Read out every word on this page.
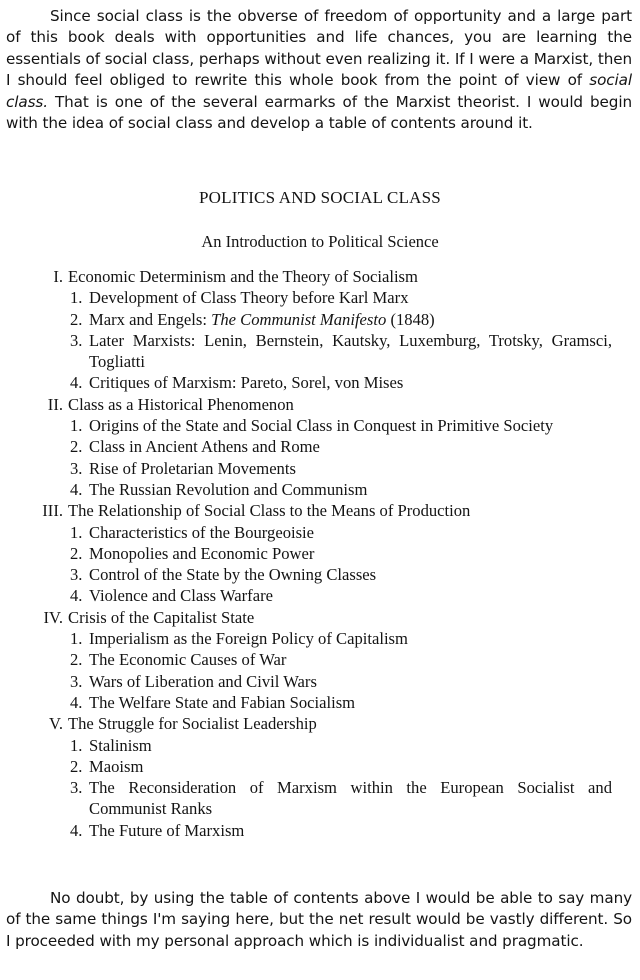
Since social class is the obverse of freedom of opportunity and a large part of this book deals with opportunities and life chances, you are learning the essentials of social class, perhaps without even realizing it. If I were a Marxist, then I should feel obliged to rewrite this whole book from the point of view of social class. That is one of the several earmarks of the Marxist theorist. I would begin with the idea of social class and develop a table of contents around it.

POLITICS AND SOCIAL CLASS
An Introduction to Political Science
I. Economic Determinism and the Theory of Socialism
1. Development of Class Theory before Karl Marx
2. Marx and Engels: The Communist Manifesto (1848)
3. Later Marxists: Lenin, Bernstein, Kautsky, Luxemburg, Trotsky, Gramsci, Togliatti
4. Critiques of Marxism: Pareto, Sorel, von Mises
II. Class as a Historical Phenomenon
1. Origins of the State and Social Class in Conquest in Primitive Society
2. Class in Ancient Athens and Rome
3. Rise of Proletarian Movements
4. The Russian Revolution and Communism
III. The Relationship of Social Class to the Means of Production
1. Characteristics of the Bourgeoisie
2. Monopolies and Economic Power
3. Control of the State by the Owning Classes
4. Violence and Class Warfare
IV. Crisis of the Capitalist State
1. Imperialism as the Foreign Policy of Capitalism
2. The Economic Causes of War
3. Wars of Liberation and Civil Wars
4. The Welfare State and Fabian Socialism
V. The Struggle for Socialist Leadership
1. Stalinism
2. Maoism
3. The Reconsideration of Marxism within the European Socialist and Communist Ranks
4. The Future of Marxism

No doubt, by using the table of contents above I would be able to say many of the same things I'm saying here, but the net result would be vastly different. So I proceeded with my personal approach which is individualist and pragmatic.
